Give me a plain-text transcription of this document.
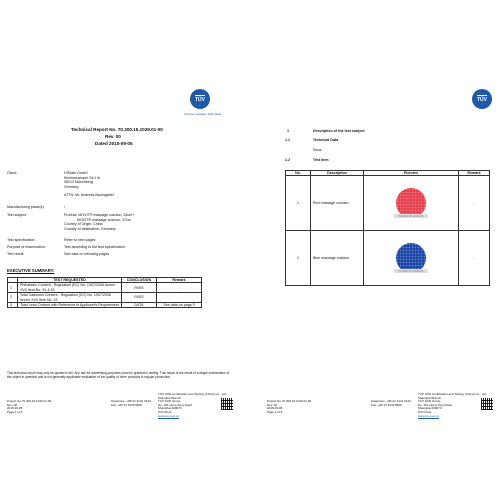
TÜV
Choose certainty. Add value.
Technical Report No. 70.300.15.1029.01-00
Rev. 00
Dated 2015-09-05
Client:	HITsafe GmbH
Kirchenkamper Str.1 lb
95213 Münchberg
Germany
ATTN: Mr. Andreas Baumgartel
Manufacturing place(s):	/
Test subject:	Product: MOVIT® massage cushion, 33cm+
MOVIT® massage cushion, 37cm
Country of Origin: China
Country of destination: Germany
Test specification:	Refer to next pages
Purpose of examination:	Test according to the test specification
Test result:	See data on following pages
EXECUTIVE SUMMARY:
	TEST REQUESTED	CONCLUSION	Remark
1	Phthalates Content - Regulation (EC) No. 1907/2006 Annex XVII Item No. 51 & 52	PASS	-
2	Total Cadmium Content - Regulation (EC) No. 1907/2006 Annex XVII Item No. 23	PASS	-
3	Total Lead Content with Reference to Applicant's Requirement	DATA	See data on page 5
This technical report may only be quoted in full. Any use for advertising purposes must be granted in writing. This report is the result of a single examination of the object in question and is not generally applicable evaluation of the quality of other products in regular production.
Project No.70.300.15.1029.01-00
Rev. 00
2015-09-05
Page 1 of 8
Telephone: +86 21 6141 0123
Fax: +86 21 6140 8600
TÜV SÜD Certification and Testing (China) Co., Ltd.
Shanghai Branch
TÜV SÜD Group
No. 151 Heng Tong Road
Shanghai 200070
P.R.China
www.tuv-sud.cn
TÜV
1	Description of the test subject
1.1	Technical Data
None
1.2	Test Item
No.	Description	Pictures	Remark
1	Red massage cushion	70.300.15.1029.01	-
2	Blue massage cushion	70.300.15.1029.01	-
Project No.70.300.15.1029.01-00
Rev. 00
2015-09-05
Page 2 of 8
Telephone: +86 21 6141 0123
Fax: +86 21 6140 8600
TÜV SÜD Certification and Testing (China) Co., Ltd.
Shanghai Branch
TÜV SÜD Group
No. 151 Heng Tong Road
Shanghai 200070
P.R.China
www.tuv-sud.cn
